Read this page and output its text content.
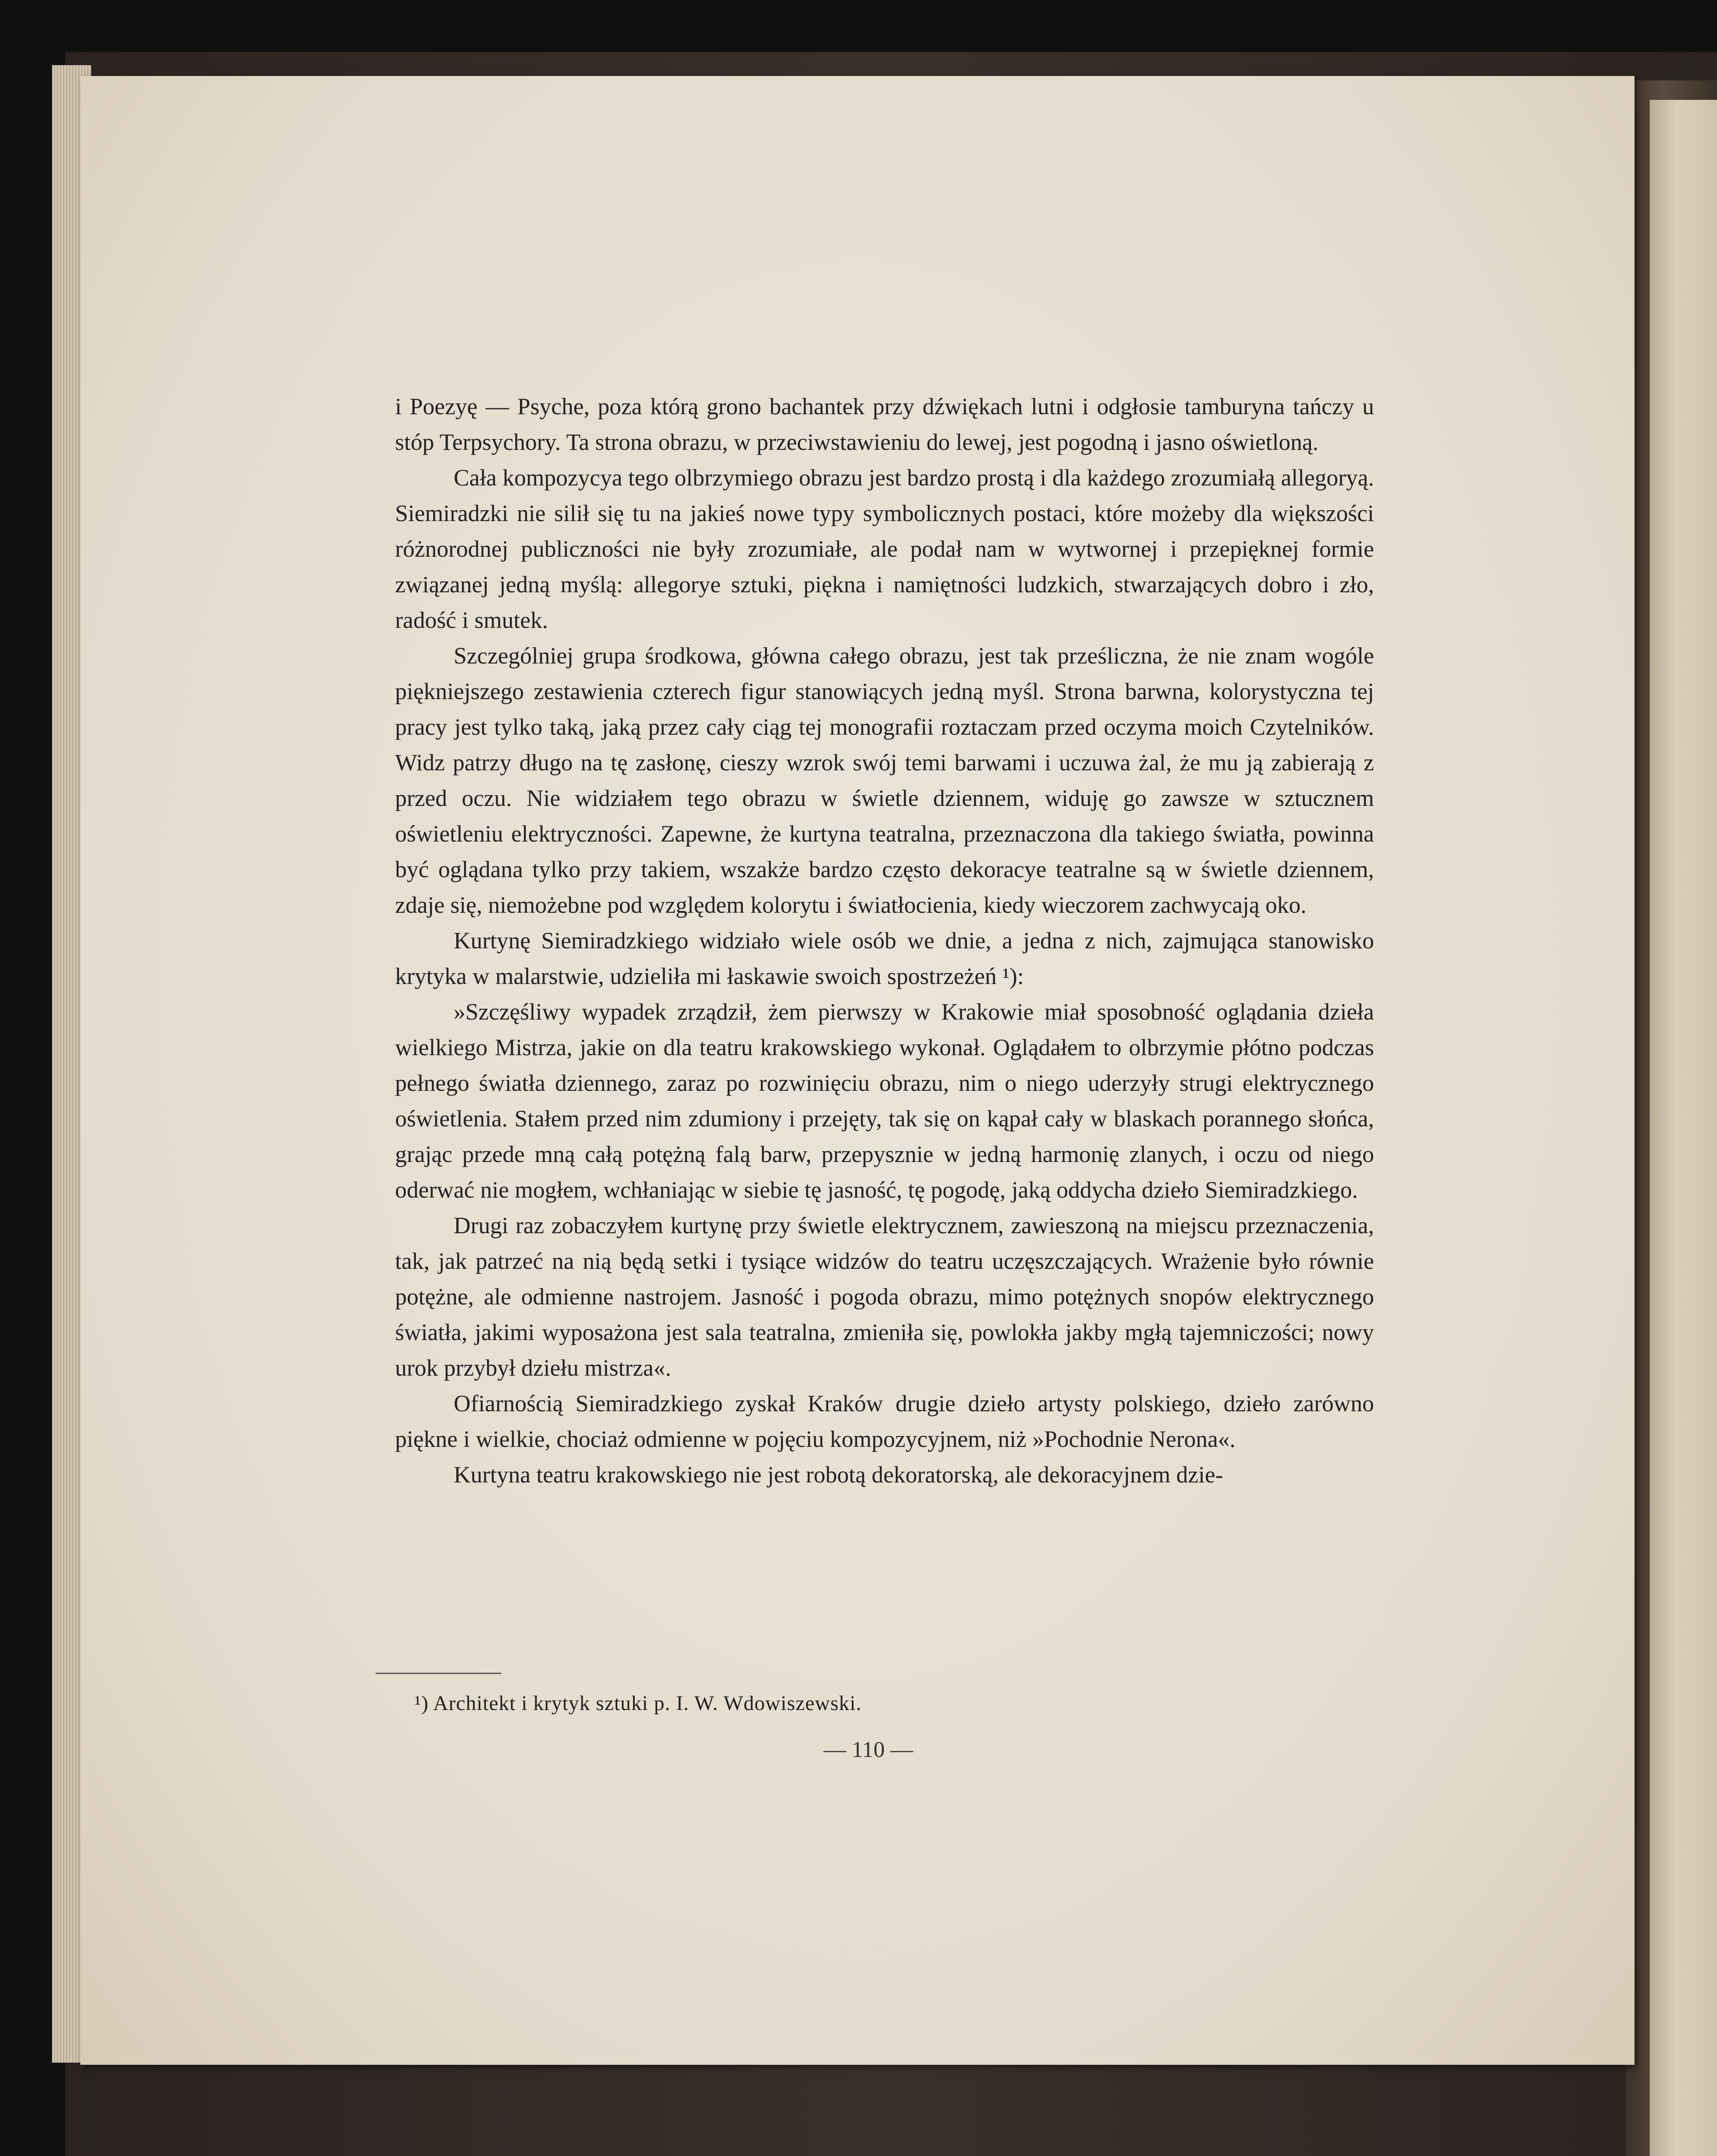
i Poezyę — Psyche, poza którą grono bachantek przy dźwiękach lutni i odgłosie tamburyna tańczy u stóp Terpsychory. Ta strona obrazu, w przeciwstawieniu do lewej, jest pogodną i jasno oświetloną.

Cała kompozycya tego olbrzymiego obrazu jest bardzo prostą i dla każdego zrozumiałą allegoryą. Siemiradzki nie silił się tu na jakieś nowe typy symbolicznych postaci, które możeby dla większości różnorodnej publiczności nie były zrozumiałe, ale podał nam w wytwornej i przepięknej formie związanej jedną myślą: allegorye sztuki, piękna i namiętności ludzkich, stwarzających dobro i zło, radość i smutek.

Szczególniej grupa środkowa, główna całego obrazu, jest tak prześliczna, że nie znam wogóle piękniejszego zestawienia czterech figur stanowiących jedną myśl. Strona barwna, kolorystyczna tej pracy jest tylko taką, jaką przez cały ciąg tej monografii roztaczam przed oczyma moich Czytelników. Widz patrzy długo na tę zasłonę, cieszy wzrok swój temi barwami i uczuwa żal, że mu ją zabierają z przed oczu. Nie widziałem tego obrazu w świetle dziennem, widuję go zawsze w sztucznem oświetleniu elektryczności. Zapewne, że kurtyna teatralna, przeznaczona dla takiego światła, powinna być oglądana tylko przy takiem, wszakże bardzo często dekoracye teatralne są w świetle dziennem, zdaje się, niemożebne pod względem kolorytu i światłocienia, kiedy wieczorem zachwycają oko.

Kurtynę Siemiradzkiego widziało wiele osób we dnie, a jedna z nich, zajmująca stanowisko krytyka w malarstwie, udzieliła mi łaskawie swoich spostrzeżeń ¹):

»Szczęśliwy wypadek zrządził, żem pierwszy w Krakowie miał sposobność oglądania dzieła wielkiego Mistrza, jakie on dla teatru krakowskiego wykonał. Oglądałem to olbrzymie płótno podczas pełnego światła dziennego, zaraz po rozwinięciu obrazu, nim o niego uderzyły strugi elektrycznego oświetlenia. Stałem przed nim zdumiony i przejęty, tak się on kąpał cały w blaskach porannego słońca, grając przede mną całą potężną falą barw, przepysznie w jedną harmonię zlanych, i oczu od niego oderwać nie mogłem, wchłaniając w siebie tę jasność, tę pogodę, jaką oddycha dzieło Siemiradzkiego.

Drugi raz zobaczyłem kurtynę przy świetle elektrycznem, zawieszoną na miejscu przeznaczenia, tak, jak patrzeć na nią będą setki i tysiące widzów do teatru uczęszczających. Wrażenie było równie potężne, ale odmienne nastrojem. Jasność i pogoda obrazu, mimo potężnych snopów elektrycznego światła, jakimi wyposażona jest sala teatralna, zmieniła się, powlokła jakby mgłą tajemniczości; nowy urok przybył dziełu mistrza«.

Ofiarnością Siemiradzkiego zyskał Kraków drugie dzieło artysty polskiego, dzieło zarówno piękne i wielkie, chociaż odmienne w pojęciu kompozycyjnem, niż »Pochodnie Nerona«.

Kurtyna teatru krakowskiego nie jest robotą dekoratorską, ale dekoracyjnem dzie-

¹) Architekt i krytyk sztuki p. I. W. Wdowiszewski.
— 110 —
